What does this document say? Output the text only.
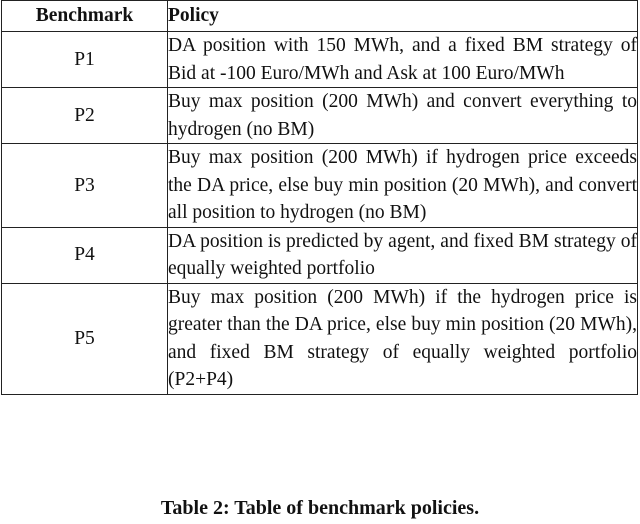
Benchmark	Policy
P1	DA position with 150 MWh, and a fixed BM strategy of Bid at -100 Euro/MWh and Ask at 100 Euro/MWh
P2	Buy max position (200 MWh) and convert everything to hydrogen (no BM)
P3	Buy max position (200 MWh) if hydrogen price exceeds the DA price, else buy min position (20 MWh), and convert all position to hydrogen (no BM)
P4	DA position is predicted by agent, and fixed BM strategy of equally weighted portfolio
P5	Buy max position (200 MWh) if the hydrogen price is greater than the DA price, else buy min position (20 MWh), and fixed BM strategy of equally weighted portfolio (P2+P4)
Table 2: Table of benchmark policies.
